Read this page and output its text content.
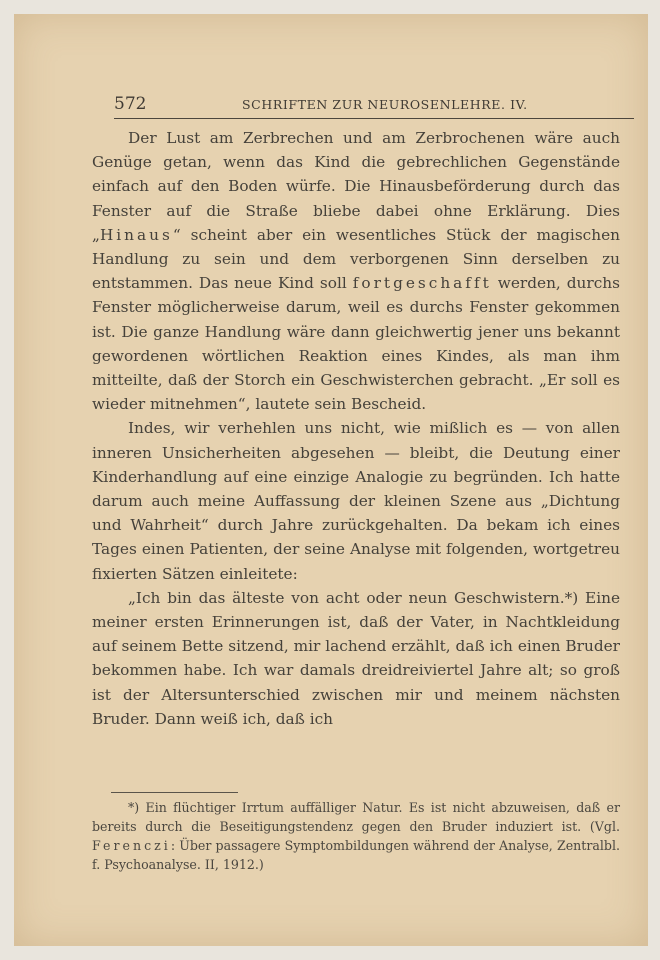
572	SCHRIFTEN ZUR NEUROSENLEHRE. IV.

Der Lust am Zerbrechen und am Zerbrochenen wäre auch Genüge getan, wenn das Kind die gebrechlichen Gegenstände einfach auf den Boden würfe. Die Hinausbeförderung durch das Fenster auf die Straße bliebe dabei ohne Erklärung. Dies „Hinaus“ scheint aber ein wesentliches Stück der magischen Handlung zu sein und dem verborgenen Sinn derselben zu entstammen. Das neue Kind soll fortgeschafft werden, durchs Fenster möglicherweise darum, weil es durchs Fenster gekommen ist. Die ganze Handlung wäre dann gleichwertig jener uns bekannt gewordenen wörtlichen Reaktion eines Kindes, als man ihm mitteilte, daß der Storch ein Geschwisterchen gebracht. „Er soll es wieder mitnehmen“, lautete sein Bescheid.

Indes, wir verhehlen uns nicht, wie mißlich es — von allen inneren Unsicherheiten abgesehen — bleibt, die Deutung einer Kinderhandlung auf eine einzige Analogie zu begründen. Ich hatte darum auch meine Auffassung der kleinen Szene aus „Dichtung und Wahrheit“ durch Jahre zurückgehalten. Da bekam ich eines Tages einen Patienten, der seine Analyse mit folgenden, wortgetreu fixierten Sätzen einleitete:

„Ich bin das älteste von acht oder neun Geschwistern.*) Eine meiner ersten Erinnerungen ist, daß der Vater, in Nachtkleidung auf seinem Bette sitzend, mir lachend erzählt, daß ich einen Bruder bekommen habe. Ich war damals dreidreiviertel Jahre alt; so groß ist der Altersunterschied zwischen mir und meinem nächsten Bruder. Dann weiß ich, daß ich

*) Ein flüchtiger Irrtum auffälliger Natur. Es ist nicht abzuweisen, daß er bereits durch die Beseitigungstendenz gegen den Bruder induziert ist. (Vgl. Ferenczi: Über passagere Symptombildungen während der Analyse, Zentralbl. f. Psychoanalyse. II, 1912.)
